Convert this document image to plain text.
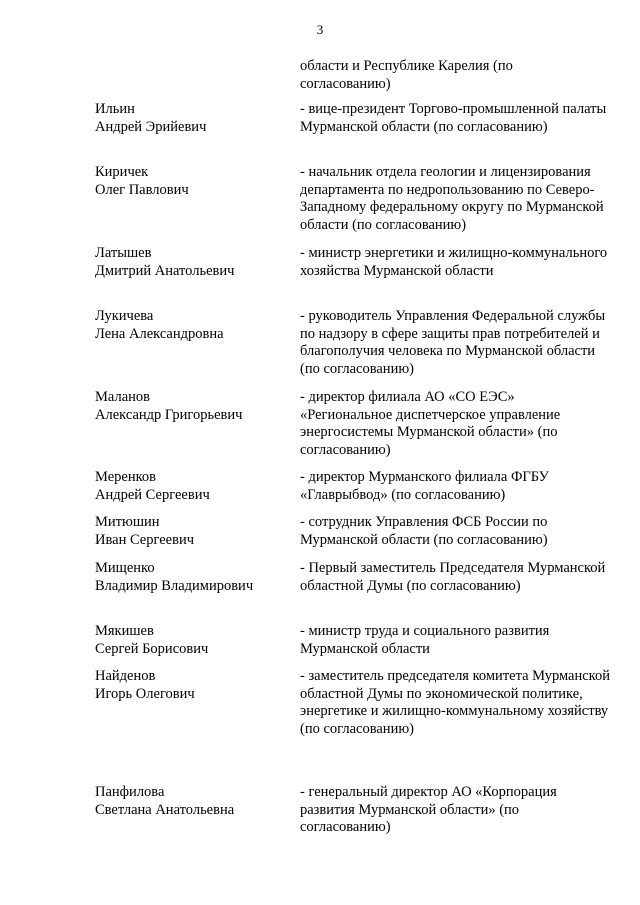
3
области и Республике Карелия (по согласованию)
Ильин
Андрей Эрийевич
- вице-президент Торгово-промышленной палаты Мурманской области (по согласованию)
Киричек
Олег Павлович
- начальник отдела геологии и лицензирования департамента по недропользованию по Северо-Западному федеральному округу по Мурманской области (по согласованию)
Латышев
Дмитрий Анатольевич
- министр энергетики и жилищно-коммунального хозяйства Мурманской области
Лукичева
Лена Александровна
- руководитель Управления Федеральной службы по надзору в сфере защиты прав потребителей и благополучия человека по Мурманской области (по согласованию)
Маланов
Александр Григорьевич
- директор филиала АО «СО ЕЭС» «Региональное диспетчерское управление энергосистемы Мурманской области» (по согласованию)
Меренков
Андрей Сергеевич
- директор Мурманского филиала ФГБУ «Главрыбвод» (по согласованию)
Митюшин
Иван Сергеевич
- сотрудник Управления ФСБ России по Мурманской области (по согласованию)
Мищенко
Владимир Владимирович
- Первый заместитель Председателя Мурманской областной Думы (по согласованию)
Мякишев
Сергей Борисович
- министр труда и социального развития Мурманской области
Найденов
Игорь Олегович
- заместитель председателя комитета Мурманской областной Думы по экономической политике, энергетике и жилищно-коммунальному хозяйству (по согласованию)
Панфилова
Светлана Анатольевна
- генеральный директор АО «Корпорация развития Мурманской области» (по согласованию)
